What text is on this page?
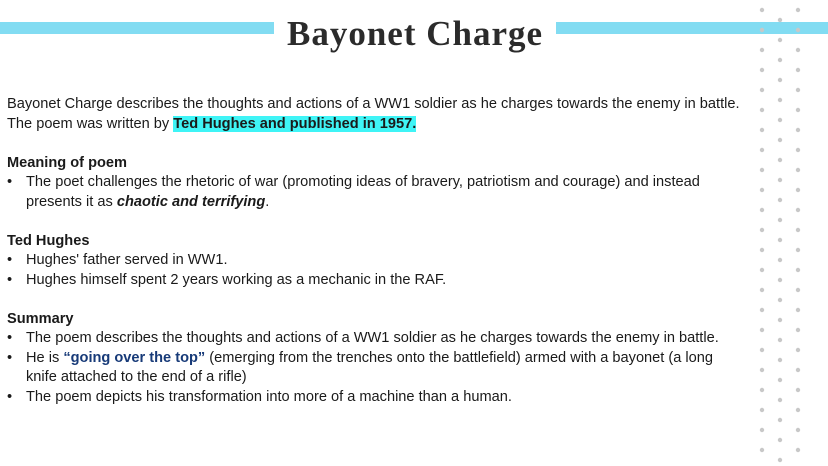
Bayonet Charge

Bayonet Charge describes the thoughts and actions of a WW1 soldier as he charges towards the enemy in battle. The poem was written by Ted Hughes and published in 1957.

Meaning of poem

• The poet challenges the rhetoric of war (promoting ideas of bravery, patriotism and courage) and instead presents it as chaotic and terrifying.

Ted Hughes

• Hughes' father served in WW1.
• Hughes himself spent 2 years working as a mechanic in the RAF.

Summary

• The poem describes the thoughts and actions of a WW1 soldier as he charges towards the enemy in battle.
• He is “going over the top” (emerging from the trenches onto the battlefield) armed with a bayonet (a long knife attached to the end of a rifle)
• The poem depicts his transformation into more of a machine than a human.
